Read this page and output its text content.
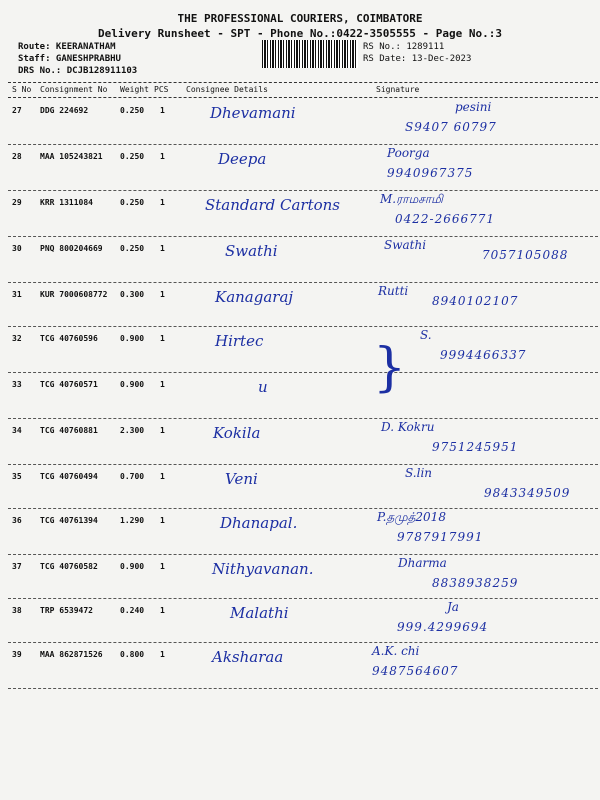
THE PROFESSIONAL COURIERS, COIMBATORE
Delivery Runsheet - SPT - Phone No.:0422-3505555 - Page No.:3
Route: KEERANATHAM
Staff: GANESHPRABHU
DRS No.: DCJB128911103
RS No.: 1289111
RS Date: 13-Dec-2023
S No Consignment No Weight PCS Consignee Details	Signature
27 DDG 224692	0.250 1	Dhevamani	pesini
S9407 60797
28 MAA 105243821 0.250 1	Deepa	Poorga
9940967375
29 KRR 1311084	0.250 1	Standard Cartons	M.ராமசாமி
0422-2666771
30 PNQ 800204669 0.250 1	Swathi	Swathi
7057105088
31 KUR 7000608772 0.300 1	Kanagaraj	Rutti
8940102107
32 TCG 40760596	0.900 1	Hirtec	S.
9994466337
33 TCG 40760571	0.900 1	u
34 TCG 40760881	2.300 1	Kokila	D. Kokru
9751245951
35 TCG 40760494	0.700 1	Veni	S.lin
9843349509
36 TCG 40761394	1.290 1	Dhanapal.	P.தமுத்2018
9787917991
37 TCG 40760582	0.900 1	Nithyavanan.	Dharma
8838938259
38 TRP 6539472	0.240 1	Malathi	Ja
999.4299694
39 MAA 862871526 0.800 1	Aksharaa	A.K. chi
9487564607
}
